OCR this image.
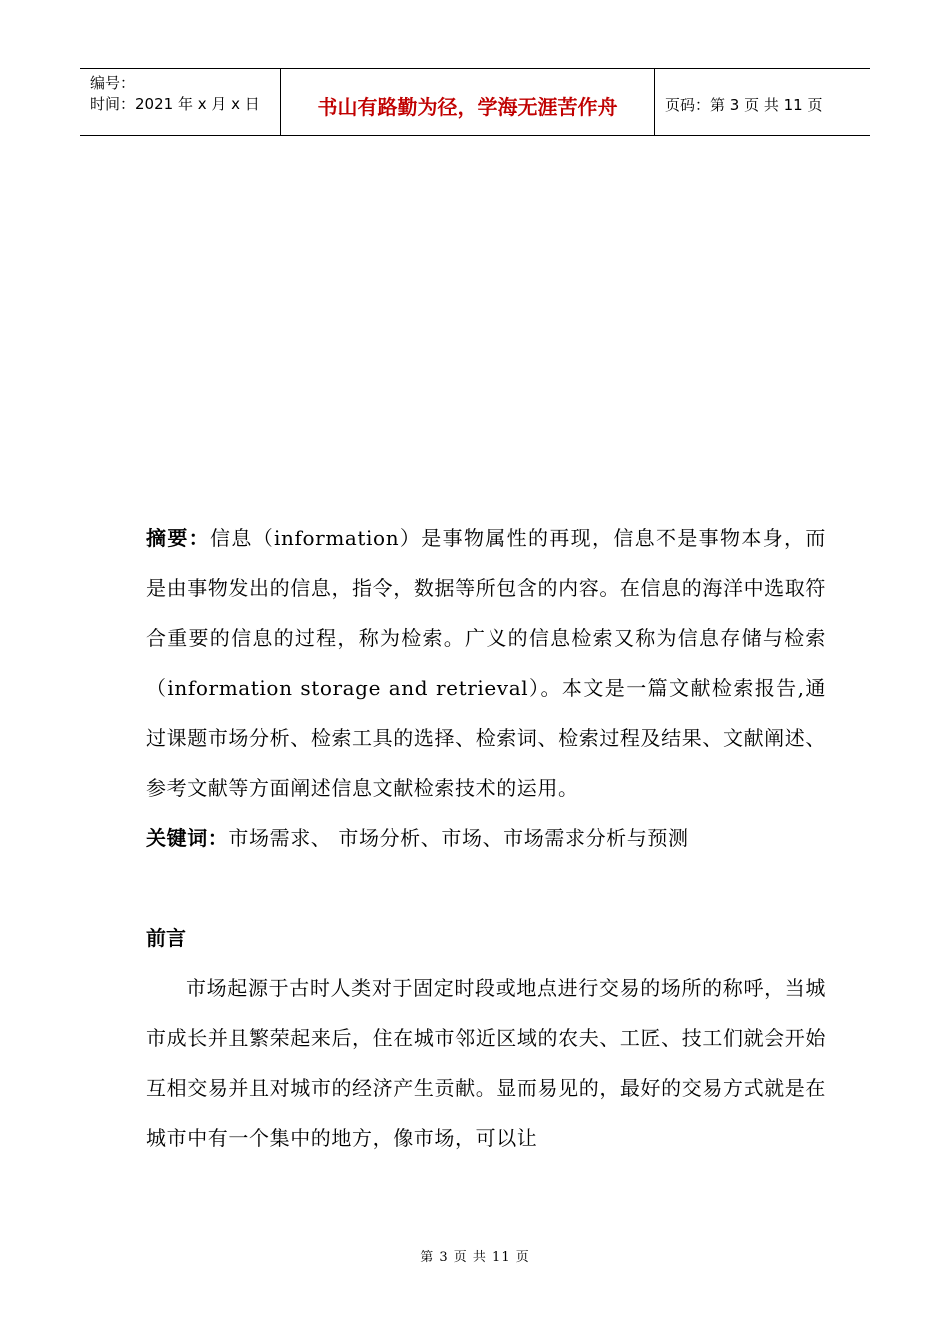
编号：
时间：2021 年 x 月 x 日	书山有路勤为径，学海无涯苦作舟	页码：第 3 页 共 11 页

摘要：信息（information）是事物属性的再现，信息不是事物本身，而是由事物发出的信息，指令，数据等所包含的内容。在信息的海洋中选取符合重要的信息的过程，称为检索。广义的信息检索又称为信息存储与检索（information storage and retrieval）。本文是一篇文献检索报告,通过课题市场分析、检索工具的选择、检索词、检索过程及结果、文献阐述、参考文献等方面阐述信息文献检索技术的运用。

关键词：市场需求、 市场分析、市场、市场需求分析与预测

前言

市场起源于古时人类对于固定时段或地点进行交易的场所的称呼，当城市成长并且繁荣起来后，住在城市邻近区域的农夫、工匠、技工们就会开始互相交易并且对城市的经济产生贡献。显而易见的，最好的交易方式就是在城市中有一个集中的地方，像市场，可以让

第 3 页 共 11 页
